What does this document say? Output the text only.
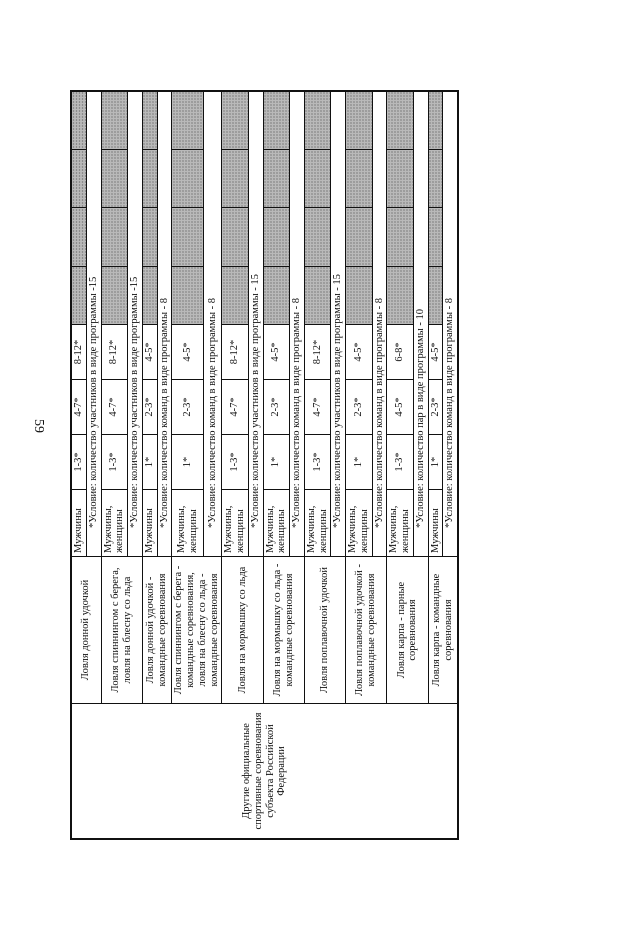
59
Другие официальные спортивные соревнования субъекта Российской Федерации	Ловля донной удочкой	Мужчины	1-3*	4-7*	8-12*				
		*Условие: количество участников в виде программы -15							
	Ловля спиннингом с берега, ловля на блесну со льда	Мужчины, женщины	1-3*	4-7*	8-12*				
		*Условие: количество участников в виде программы -15							
	Ловля донной удочкой - командные соревнования	Мужчины	1*	2-3*	4-5*				
		*Условие: количество команд в виде программы - 8							
	Ловля спиннингом с берега - командные соревнования, ловля на блесну со льда - командные соревнования	Мужчины, женщины	1*	2-3*	4-5*				
		*Условие: количество команд в виде программы - 8							
	Ловля на мормышку со льда	Мужчины, женщины	1-3*	4-7*	8-12*				
		*Условие: количество участников в виде программы - 15							
	Ловля на мормышку со льда - командные соревнования	Мужчины, женщины	1*	2-3*	4-5*				
		*Условие: количество команд в виде программы - 8							
	Ловля поплавочной удочкой	Мужчины, женщины	1-3*	4-7*	8-12*				
		*Условие: количество участников в виде программы - 15							
	Ловля поплавочной удочкой - командные соревнования	Мужчины, женщины	1*	2-3*	4-5*				
		*Условие: количество команд в виде программы - 8							
	Ловля карпа - парные соревнования	Мужчины, женщины	1-3*	4-5*	6-8*				
		*Условие: количество пар в виде программы - 10							
	Ловля карпа - командные соревнования	Мужчины	1*	2-3*	4-5*				
		*Условие: количество команд в виде программы - 8							
